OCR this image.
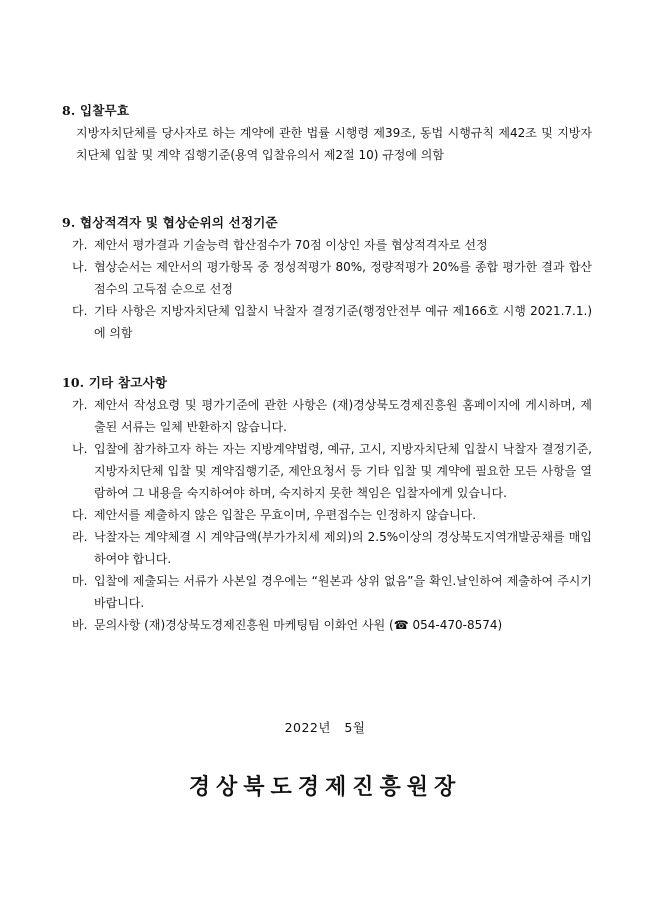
8. 입찰무효

지방자치단체를 당사자로 하는 계약에 관한 법률 시행령 제39조, 동법 시행규칙 제42조 및 지방자치단체 입찰 및 계약 집행기준(용역 입찰유의서 제2절 10) 규정에 의함

9. 협상적격자 및 협상순위의 선정기준

가. 제안서 평가결과 기술능력 합산점수가 70점 이상인 자를 협상적격자로 선정
나. 협상순서는 제안서의 평가항목 중 정성적평가 80%, 정량적평가 20%를 종합 평가한 결과 합산점수의 고득점 순으로 선정
다. 기타 사항은 지방자치단체 입찰시 낙찰자 결정기준(행정안전부 예규 제166호 시행 2021.7.1.)에 의함

10. 기타 참고사항

가. 제안서 작성요령 및 평가기준에 관한 사항은 (재)경상북도경제진흥원 홈페이지에 게시하며, 제출된 서류는 일체 반환하지 않습니다.
나. 입찰에 참가하고자 하는 자는 지방계약법령, 예규, 고시, 지방자치단체 입찰시 낙찰자 결정기준, 지방자치단체 입찰 및 계약집행기준, 제안요청서 등 기타 입찰 및 계약에 필요한 모든 사항을 열람하여 그 내용을 숙지하여야 하며, 숙지하지 못한 책임은 입찰자에게 있습니다.
다. 제안서를 제출하지 않은 입찰은 무효이며, 우편접수는 인정하지 않습니다.
라. 낙찰자는 계약체결 시 계약금액(부가가치세 제외)의 2.5%이상의 경상북도지역개발공채를 매입하여야 합니다.
마. 입찰에 제출되는 서류가 사본일 경우에는 “원본과 상위 없음”을 확인.날인하여 제출하여 주시기 바랍니다.
바. 문의사항 (재)경상북도경제진흥원 마케팅팀 이화언 사원 (☎ 054-470-8574)
2022년   5월
경상북도경제진흥원장
